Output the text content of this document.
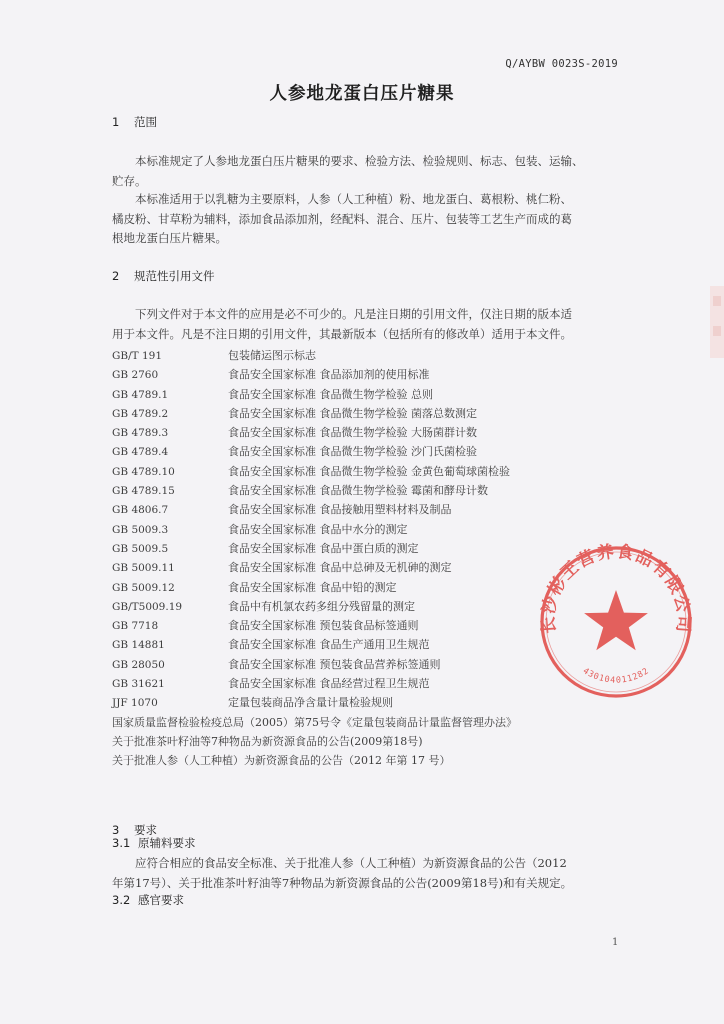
Q/AYBW 0023S-2019
人参地龙蛋白压片糖果
1 范围
本标准规定了人参地龙蛋白压片糖果的要求、检验方法、检验规则、标志、包装、运输、
贮存。
本标准适用于以乳糖为主要原料，人参（人工种植）粉、地龙蛋白、葛根粉、桃仁粉、
橘皮粉、甘草粉为辅料，添加食品添加剂，经配料、混合、压片、包装等工艺生产而成的葛
根地龙蛋白压片糖果。
2 规范性引用文件
下列文件对于本文件的应用是必不可少的。凡是注日期的引用文件，仅注日期的版本适
用于本文件。凡是不注日期的引用文件，其最新版本（包括所有的修改单）适用于本文件。
GB/T 191	包装储运图示标志
GB 2760	食品安全国家标准 食品添加剂的使用标准
GB 4789.1	食品安全国家标准 食品微生物学检验 总则
GB 4789.2	食品安全国家标准 食品微生物学检验 菌落总数测定
GB 4789.3	食品安全国家标准 食品微生物学检验 大肠菌群计数
GB 4789.4	食品安全国家标准 食品微生物学检验 沙门氏菌检验
GB 4789.10	食品安全国家标准 食品微生物学检验 金黄色葡萄球菌检验
GB 4789.15	食品安全国家标准 食品微生物学检验 霉菌和酵母计数
GB 4806.7	食品安全国家标准 食品接触用塑料材料及制品
GB 5009.3	食品安全国家标准 食品中水分的测定
GB 5009.5	食品安全国家标准 食品中蛋白质的测定
GB 5009.11	食品安全国家标准 食品中总砷及无机砷的测定
GB 5009.12	食品安全国家标准 食品中铅的测定
GB/T5009.19	食品中有机氯农药多组分残留量的测定
GB 7718	食品安全国家标准 预包装食品标签通则
GB 14881	食品安全国家标准 食品生产通用卫生规范
GB 28050	食品安全国家标准 预包装食品营养标签通则
GB 31621	食品安全国家标准 食品经营过程卫生规范
JJF 1070	定量包装商品净含量计量检验规则
国家质量监督检验检疫总局（2005）第75号令《定量包装商品计量监督管理办法》
关于批准茶叶籽油等7种物品为新资源食品的公告(2009第18号)
关于批准人参（人工种植）为新资源食品的公告（2012 年第 17 号）
3 要求
3.1 原辅料要求
应符合相应的食品安全标准、关于批准人参（人工种植）为新资源食品的公告（2012
年第17号）、关于批准茶叶籽油等7种物品为新资源食品的公告(2009第18号)和有关规定。
3.2 感官要求
1
长沙彬王营养食品有限公司
430104011282
